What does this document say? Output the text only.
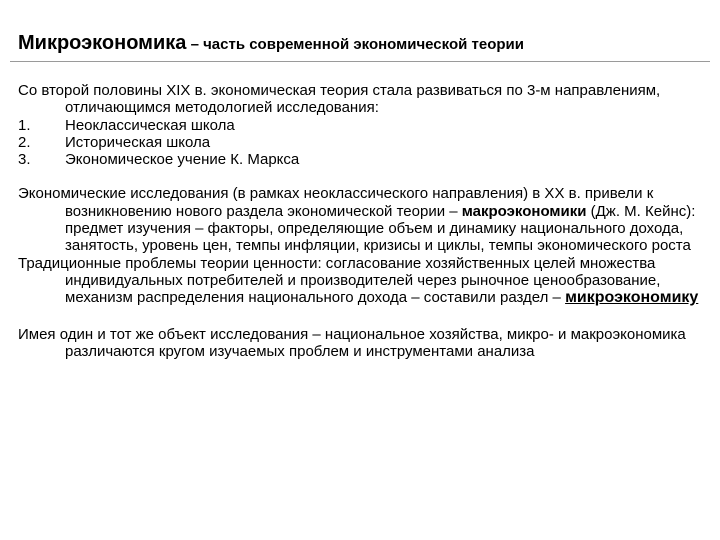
Микроэкономика – часть современной экономической теории

Со второй половины XIX в. экономическая теория стала развиваться по 3-м направлениям, отличающимся методологией исследования:

1.	Неоклассическая школа
2.	Историческая школа
3.	Экономическое учение К. Маркса

Экономические исследования (в рамках неоклассического направления) в XX в. привели к возникновению нового раздела экономической теории – макроэкономики (Дж. М. Кейнс): предмет изучения – факторы, определяющие объем и динамику национального дохода, занятость, уровень цен, темпы инфляции, кризисы и циклы, темпы экономического роста

Традиционные проблемы теории ценности: согласование хозяйственных целей множества индивидуальных потребителей и производителей через рыночное ценообразование, механизм распределения национального дохода – составили раздел – микроэкономику

Имея один и тот же объект исследования – национальное хозяйства, микро- и макроэкономика различаются кругом изучаемых проблем и инструментами анализа
